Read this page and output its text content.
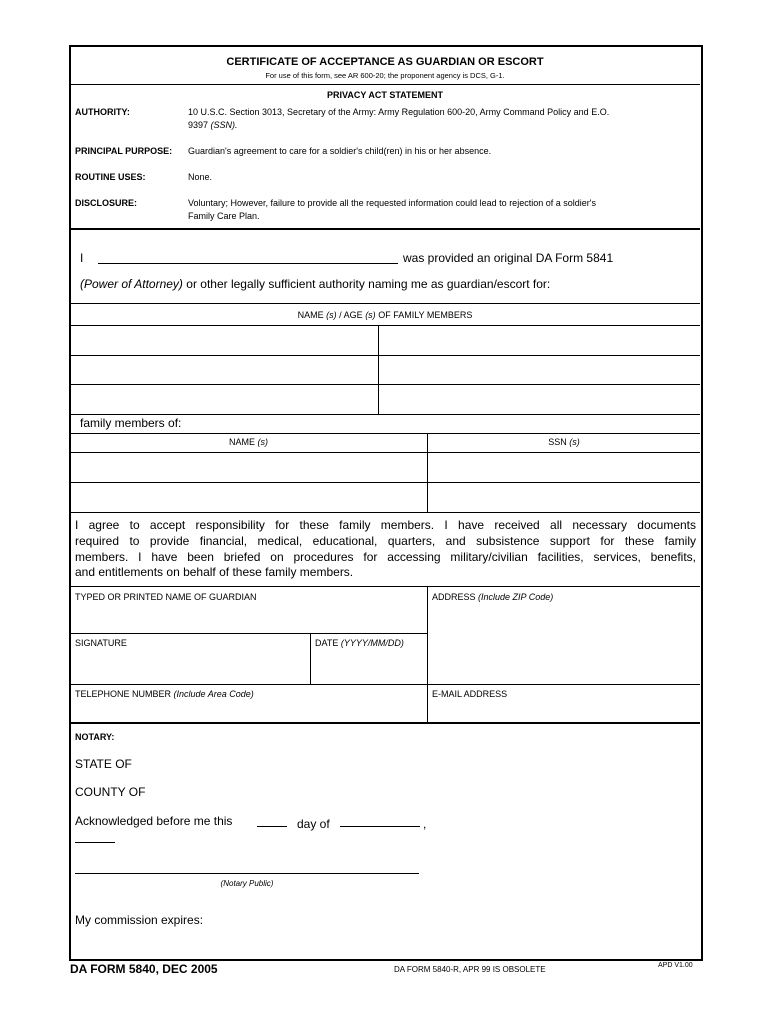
CERTIFICATE OF ACCEPTANCE AS GUARDIAN OR ESCORT
For use of this form, see AR 600-20; the proponent agency is DCS, G-1.
PRIVACY ACT STATEMENT
AUTHORITY:	10 U.S.C. Section 3013, Secretary of the Army: Army Regulation 600-20, Army Command Policy and E.O.
9397 (SSN).
PRINCIPAL PURPOSE: Guardian's agreement to care for a soldier's child(ren) in his or her absence.
ROUTINE USES:	None.
DISCLOSURE:	Voluntary; However, failure to provide all the requested information could lead to rejection of a soldier's
Family Care Plan.
I	was provided an original DA Form 5841
(Power of Attorney) or other legally sufficient authority naming me as guardian/escort for:
NAME (s) / AGE (s) OF FAMILY MEMBERS
family members of:
NAME (s)	SSN (s)
I agree to accept responsibility for these family members. I have received all necessary documents
required to provide financial, medical, educational, quarters, and subsistence support for these family
members. I have been briefed on procedures for accessing military/civilian facilities, services, benefits,
and entitlements on behalf of these family members.
TYPED OR PRINTED NAME OF GUARDIAN	ADDRESS (Include ZIP Code)
SIGNATURE	DATE (YYYY/MM/DD)
TELEPHONE NUMBER (Include Area Code)	E-MAIL ADDRESS
NOTARY:
STATE OF
COUNTY OF
Acknowledged before me this	day of	,
(Notary Public)
My commission expires:
DA FORM 5840, DEC 2005	DA FORM 5840-R, APR 99 IS OBSOLETE	APD V1.00
